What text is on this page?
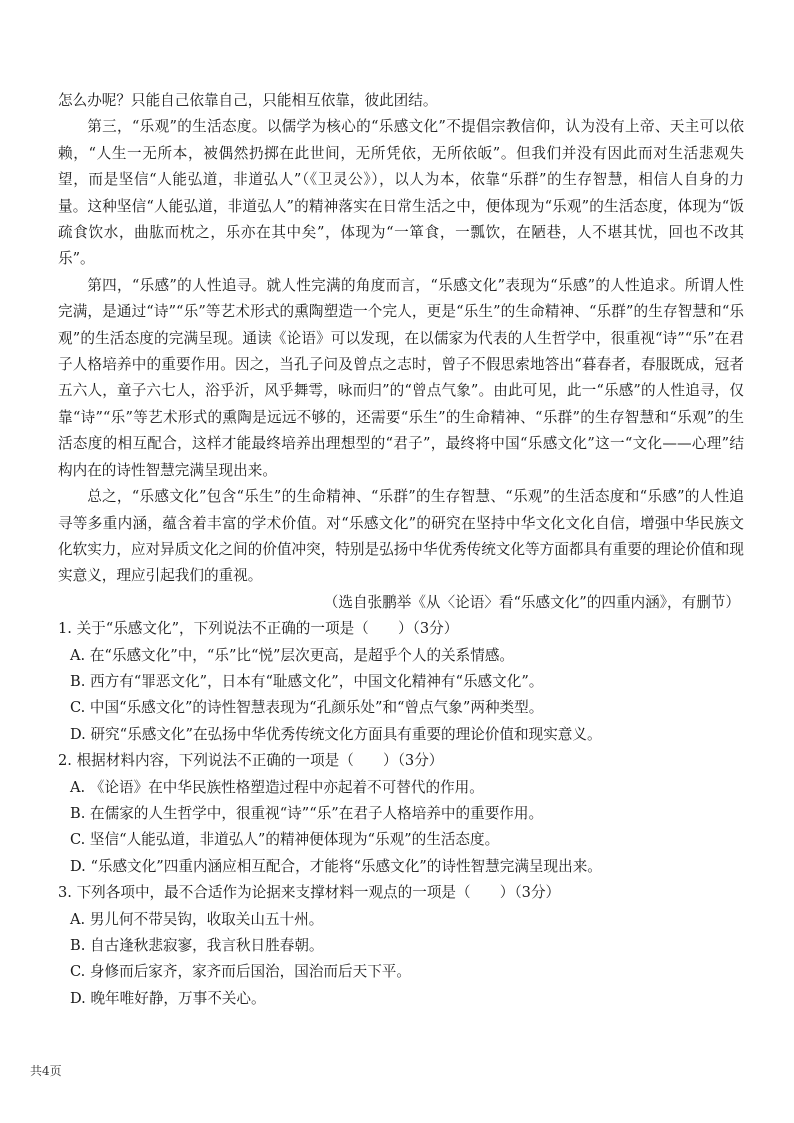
怎么办呢？只能自己依靠自己，只能相互依靠，彼此团结。

第三，“乐观”的生活态度。以儒学为核心的“乐感文化”不提倡宗教信仰，认为没有上帝、天主可以依赖，“人生一无所本，被偶然扔掷在此世间，无所凭依，无所依皈”。但我们并没有因此而对生活悲观失望，而是坚信“人能弘道，非道弘人”（《卫灵公》），以人为本，依靠“乐群”的生存智慧，相信人自身的力量。这种坚信“人能弘道，非道弘人”的精神落实在日常生活之中，便体现为“乐观”的生活态度，体现为“饭疏食饮水，曲肱而枕之，乐亦在其中矣”，体现为“一箪食，一瓢饮，在陋巷，人不堪其忧，回也不改其乐”。

第四，“乐感”的人性追寻。就人性完满的角度而言，“乐感文化”表现为“乐感”的人性追求。所谓人性完满，是通过“诗”“乐”等艺术形式的熏陶塑造一个完人，更是“乐生”的生命精神、“乐群”的生存智慧和“乐观”的生活态度的完满呈现。通读《论语》可以发现，在以儒家为代表的人生哲学中，很重视“诗”“乐”在君子人格培养中的重要作用。因之，当孔子问及曾点之志时，曾子不假思索地答出“暮春者，春服既成，冠者五六人，童子六七人，浴乎沂，风乎舞雩，咏而归”的“曾点气象”。由此可见，此一“乐感”的人性追寻，仅靠“诗”“乐”等艺术形式的熏陶是远远不够的，还需要“乐生”的生命精神、“乐群”的生存智慧和“乐观”的生活态度的相互配合，这样才能最终培养出理想型的“君子”，最终将中国“乐感文化”这一“文化——心理”结构内在的诗性智慧完满呈现出来。

总之，“乐感文化”包含“乐生”的生命精神、“乐群”的生存智慧、“乐观”的生活态度和“乐感”的人性追寻等多重内涵，蕴含着丰富的学术价值。对“乐感文化”的研究在坚持中华文化文化自信，增强中华民族文化软实力，应对异质文化之间的价值冲突，特别是弘扬中华优秀传统文化等方面都具有重要的理论价值和现实意义，理应引起我们的重视。

（选自张鹏举《从〈论语〉看“乐感文化”的四重内涵》，有删节）

1. 关于“乐感文化”，下列说法不正确的一项是（　　）（3分）

A. 在“乐感文化”中，“乐”比“悦”层次更高，是超乎个人的关系情感。

B. 西方有“罪恶文化”，日本有“耻感文化”，中国文化精神有“乐感文化”。

C. 中国“乐感文化”的诗性智慧表现为“孔颜乐处”和“曾点气象”两种类型。

D. 研究“乐感文化”在弘扬中华优秀传统文化方面具有重要的理论价值和现实意义。

2. 根据材料内容，下列说法不正确的一项是（　　）（3分）

A. 《论语》在中华民族性格塑造过程中亦起着不可替代的作用。

B. 在儒家的人生哲学中，很重视“诗”“乐”在君子人格培养中的重要作用。

C. 坚信“人能弘道，非道弘人”的精神便体现为“乐观”的生活态度。

D. “乐感文化”四重内涵应相互配合，才能将“乐感文化”的诗性智慧完满呈现出来。

3. 下列各项中，最不合适作为论据来支撑材料一观点的一项是（　　）（3分）

A. 男儿何不带吴钩，收取关山五十州。

B. 自古逢秋悲寂寥，我言秋日胜春朝。

C. 身修而后家齐，家齐而后国治，国治而后天下平。

D. 晚年唯好静，万事不关心。

共4页
